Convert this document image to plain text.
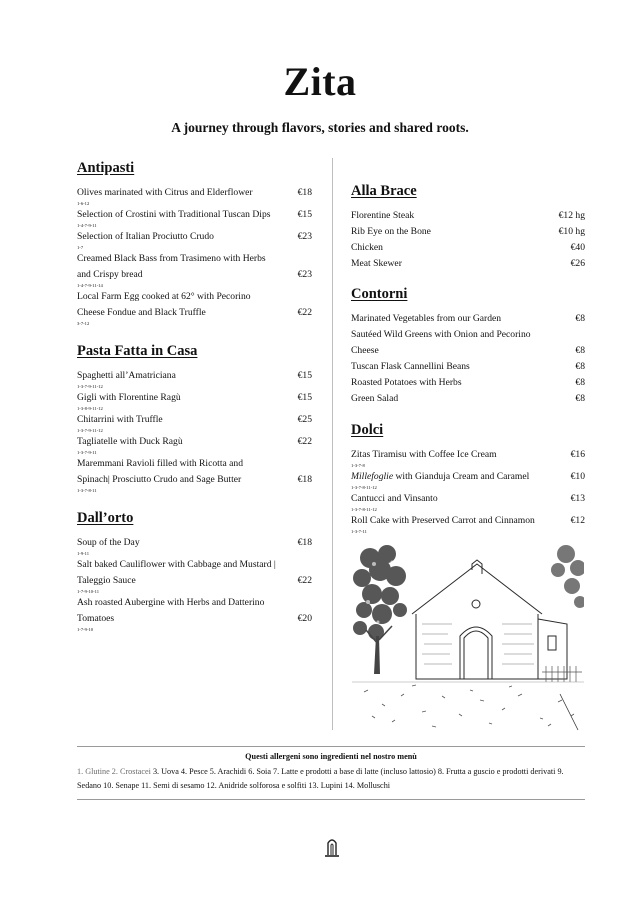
Zita
A journey through flavors, stories and shared roots.
Antipasti
Olives marinated with Citrus and Elderflower	€18
1-6-12
Selection of Crostini with Traditional Tuscan Dips	€15
1-4-7-9-11
Selection of Italian Prociutto Crudo	€23
1-7
Creamed Black Bass from Trasimeno with Herbs and Crispy bread	€23
1-4-7-9-11-14
Local Farm Egg cooked at 62° with Pecorino Cheese Fondue and Black Truffle	€22
3-7-12
Pasta Fatta in Casa
Spaghetti all’Amatriciana	€15
1-3-7-9-11-12
Gigli with Florentine Ragù	€15
1-3-8-9-11-12
Chitarrini with Truffle	€25
1-3-7-9-11-12
Tagliatelle with Duck Ragù	€22
1-3-7-9-11
Maremmani Ravioli filled with Ricotta and Spinach| Prosciutto Crudo and Sage Butter	€18
1-3-7-8-11
Dall’orto
Soup of the Day	€18
1-9-11
Salt baked Cauliflower with Cabbage and Mustard | Taleggio Sauce	€22
1-7-9-10-11
Ash roasted Aubergine with Herbs and Datterino Tomatoes	€20
1-7-9-10
Alla Brace
Florentine Steak	€12 hg
Rib Eye on the Bone	€10 hg
Chicken	€40
Meat Skewer	€26
Contorni
Marinated Vegetables from our Garden	€8
Sautéed Wild Greens with Onion and Pecorino Cheese	€8
Tuscan Flask Cannellini Beans	€8
Roasted Potatoes with Herbs	€8
Green Salad	€8
Dolci
Zitas Tiramisu with Coffee Ice Cream	€16
1-3-7-8
Millefoglie with Gianduja Cream and Caramel	€10
1-3-7-8-11-12
Cantucci and Vinsanto	€13
1-3-7-8-11-12
Roll Cake with Preserved Carrot and Cinnamon	€12
1-3-7-11
Questi allergeni sono ingredienti nel nostro menù
1. Glutine 2. Crostacei 3. Uova 4. Pesce 5. Arachidi 6. Soia 7. Latte e prodotti a base di latte (incluso lattosio) 8. Frutta a guscio e prodotti derivati 9. Sedano 10. Senape 11. Semi di sesamo 12. Anidride solforosa e solfiti 13. Lupini 14. Molluschi
